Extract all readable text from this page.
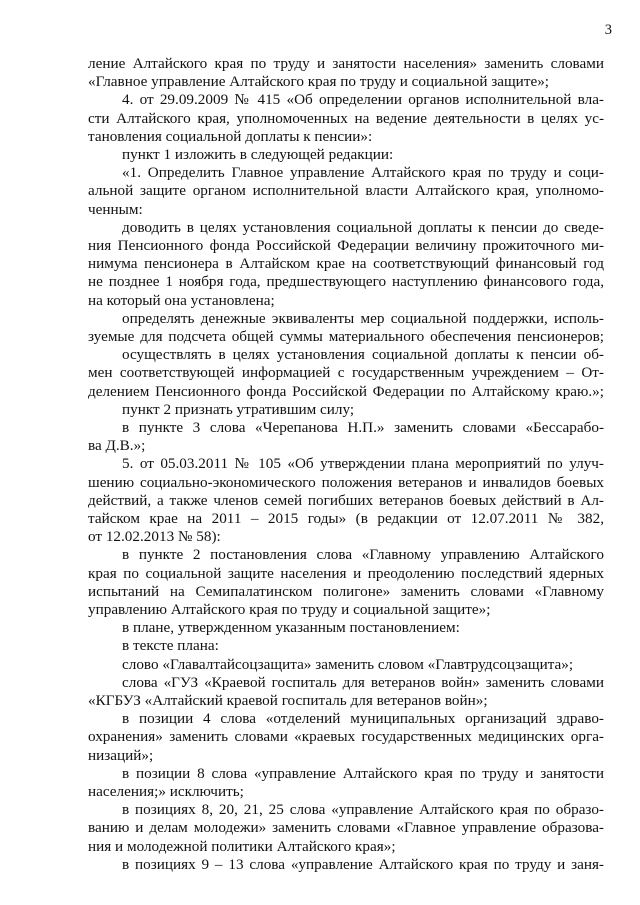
3
ление Алтайского края по труду и занятости населения» заменить словами
«Главное управление Алтайского края по труду и социальной защите»;
4. от 29.09.2009 № 415 «Об определении органов исполнительной вла-
сти Алтайского края, уполномоченных на ведение деятельности в целях ус-
тановления социальной доплаты к пенсии»:
пункт 1 изложить в следующей редакции:
«1. Определить Главное управление Алтайского края по труду и соци-
альной защите органом исполнительной власти Алтайского края, уполномо-
ченным:
доводить в целях установления социальной доплаты к пенсии до сведе-
ния Пенсионного фонда Российской Федерации величину прожиточного ми-
нимума пенсионера в Алтайском крае на соответствующий финансовый год
не позднее 1 ноября года, предшествующего наступлению финансового года,
на который она установлена;
определять денежные эквиваленты мер социальной поддержки, исполь-
зуемые для подсчета общей суммы материального обеспечения пенсионеров;
осуществлять в целях установления социальной доплаты к пенсии об-
мен соответствующей информацией с государственным учреждением – От-
делением Пенсионного фонда Российской Федерации по Алтайскому краю.»;
пункт 2 признать утратившим силу;
в пункте 3 слова «Черепанова Н.П.» заменить словами «Бессарабо-
ва Д.В.»;
5. от 05.03.2011 № 105 «Об утверждении плана мероприятий по улуч-
шению социально-экономического положения ветеранов и инвалидов боевых
действий, а также членов семей погибших ветеранов боевых действий в Ал-
тайском крае на 2011 – 2015 годы» (в редакции от 12.07.2011 № 382,
от 12.02.2013 № 58):
в пункте 2 постановления слова «Главному управлению Алтайского
края по социальной защите населения и преодолению последствий ядерных
испытаний на Семипалатинском полигоне» заменить словами «Главному
управлению Алтайского края по труду и социальной защите»;
в плане, утвержденном указанным постановлением:
в тексте плана:
слово «Главалтайсоцзащита» заменить словом «Главтрудсоцзащита»;
слова «ГУЗ «Краевой госпиталь для ветеранов войн» заменить словами
«КГБУЗ «Алтайский краевой госпиталь для ветеранов войн»;
в позиции 4 слова «отделений муниципальных организаций здраво-
охранения» заменить словами «краевых государственных медицинских орга-
низаций»;
в позиции 8 слова «управление Алтайского края по труду и занятости
населения;» исключить;
в позициях 8, 20, 21, 25 слова «управление Алтайского края по образо-
ванию и делам молодежи» заменить словами «Главное управление образова-
ния и молодежной политики Алтайского края»;
в позициях 9 – 13 слова «управление Алтайского края по труду и заня-
